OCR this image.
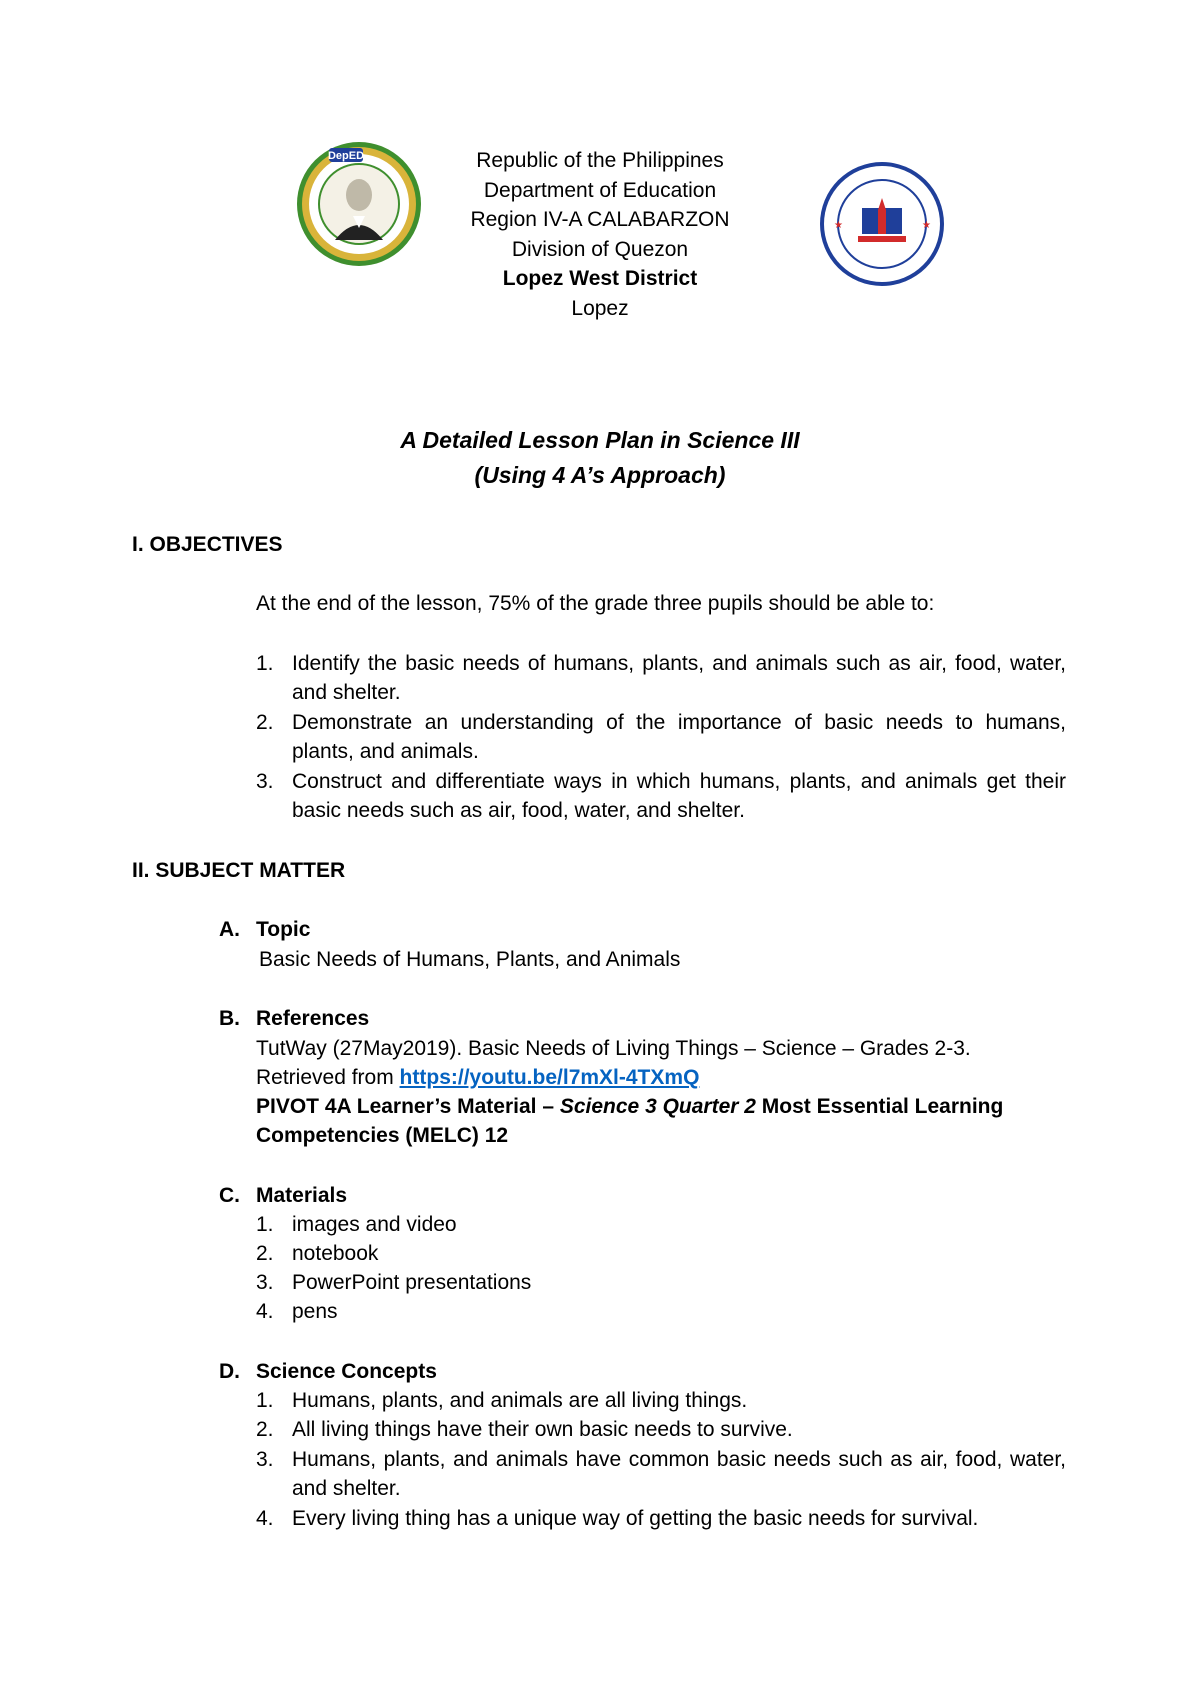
DepED	Republic of the Philippines
Department of Education
Region IV-A CALABARZON
Division of Quezon
Lopez West District
Lopez
★	★
A Detailed Lesson Plan in Science III
(Using 4 A’s Approach)
I. OBJECTIVES
At the end of the lesson, 75% of the grade three pupils should be able to:
1. Identify the basic needs of humans, plants, and animals such as air, food, water, and shelter.
2. Demonstrate an understanding of the importance of basic needs to humans, plants, and animals.
3. Construct and differentiate ways in which humans, plants, and animals get their basic needs such as air, food, water, and shelter.
II. SUBJECT MATTER
A. Topic
Basic Needs of Humans, Plants, and Animals
B. References
TutWay (27May2019). Basic Needs of Living Things – Science – Grades 2-3.
Retrieved from https://youtu.be/l7mXl-4TXmQ
PIVOT 4A Learner’s Material – Science 3 Quarter 2 Most Essential Learning
Competencies (MELC) 12
C. Materials
1. images and video
2. notebook
3. PowerPoint presentations
4. pens
D. Science Concepts
1. Humans, plants, and animals are all living things.
2. All living things have their own basic needs to survive.
3. Humans, plants, and animals have common basic needs such as air, food, water, and shelter.
4. Every living thing has a unique way of getting the basic needs for survival.
